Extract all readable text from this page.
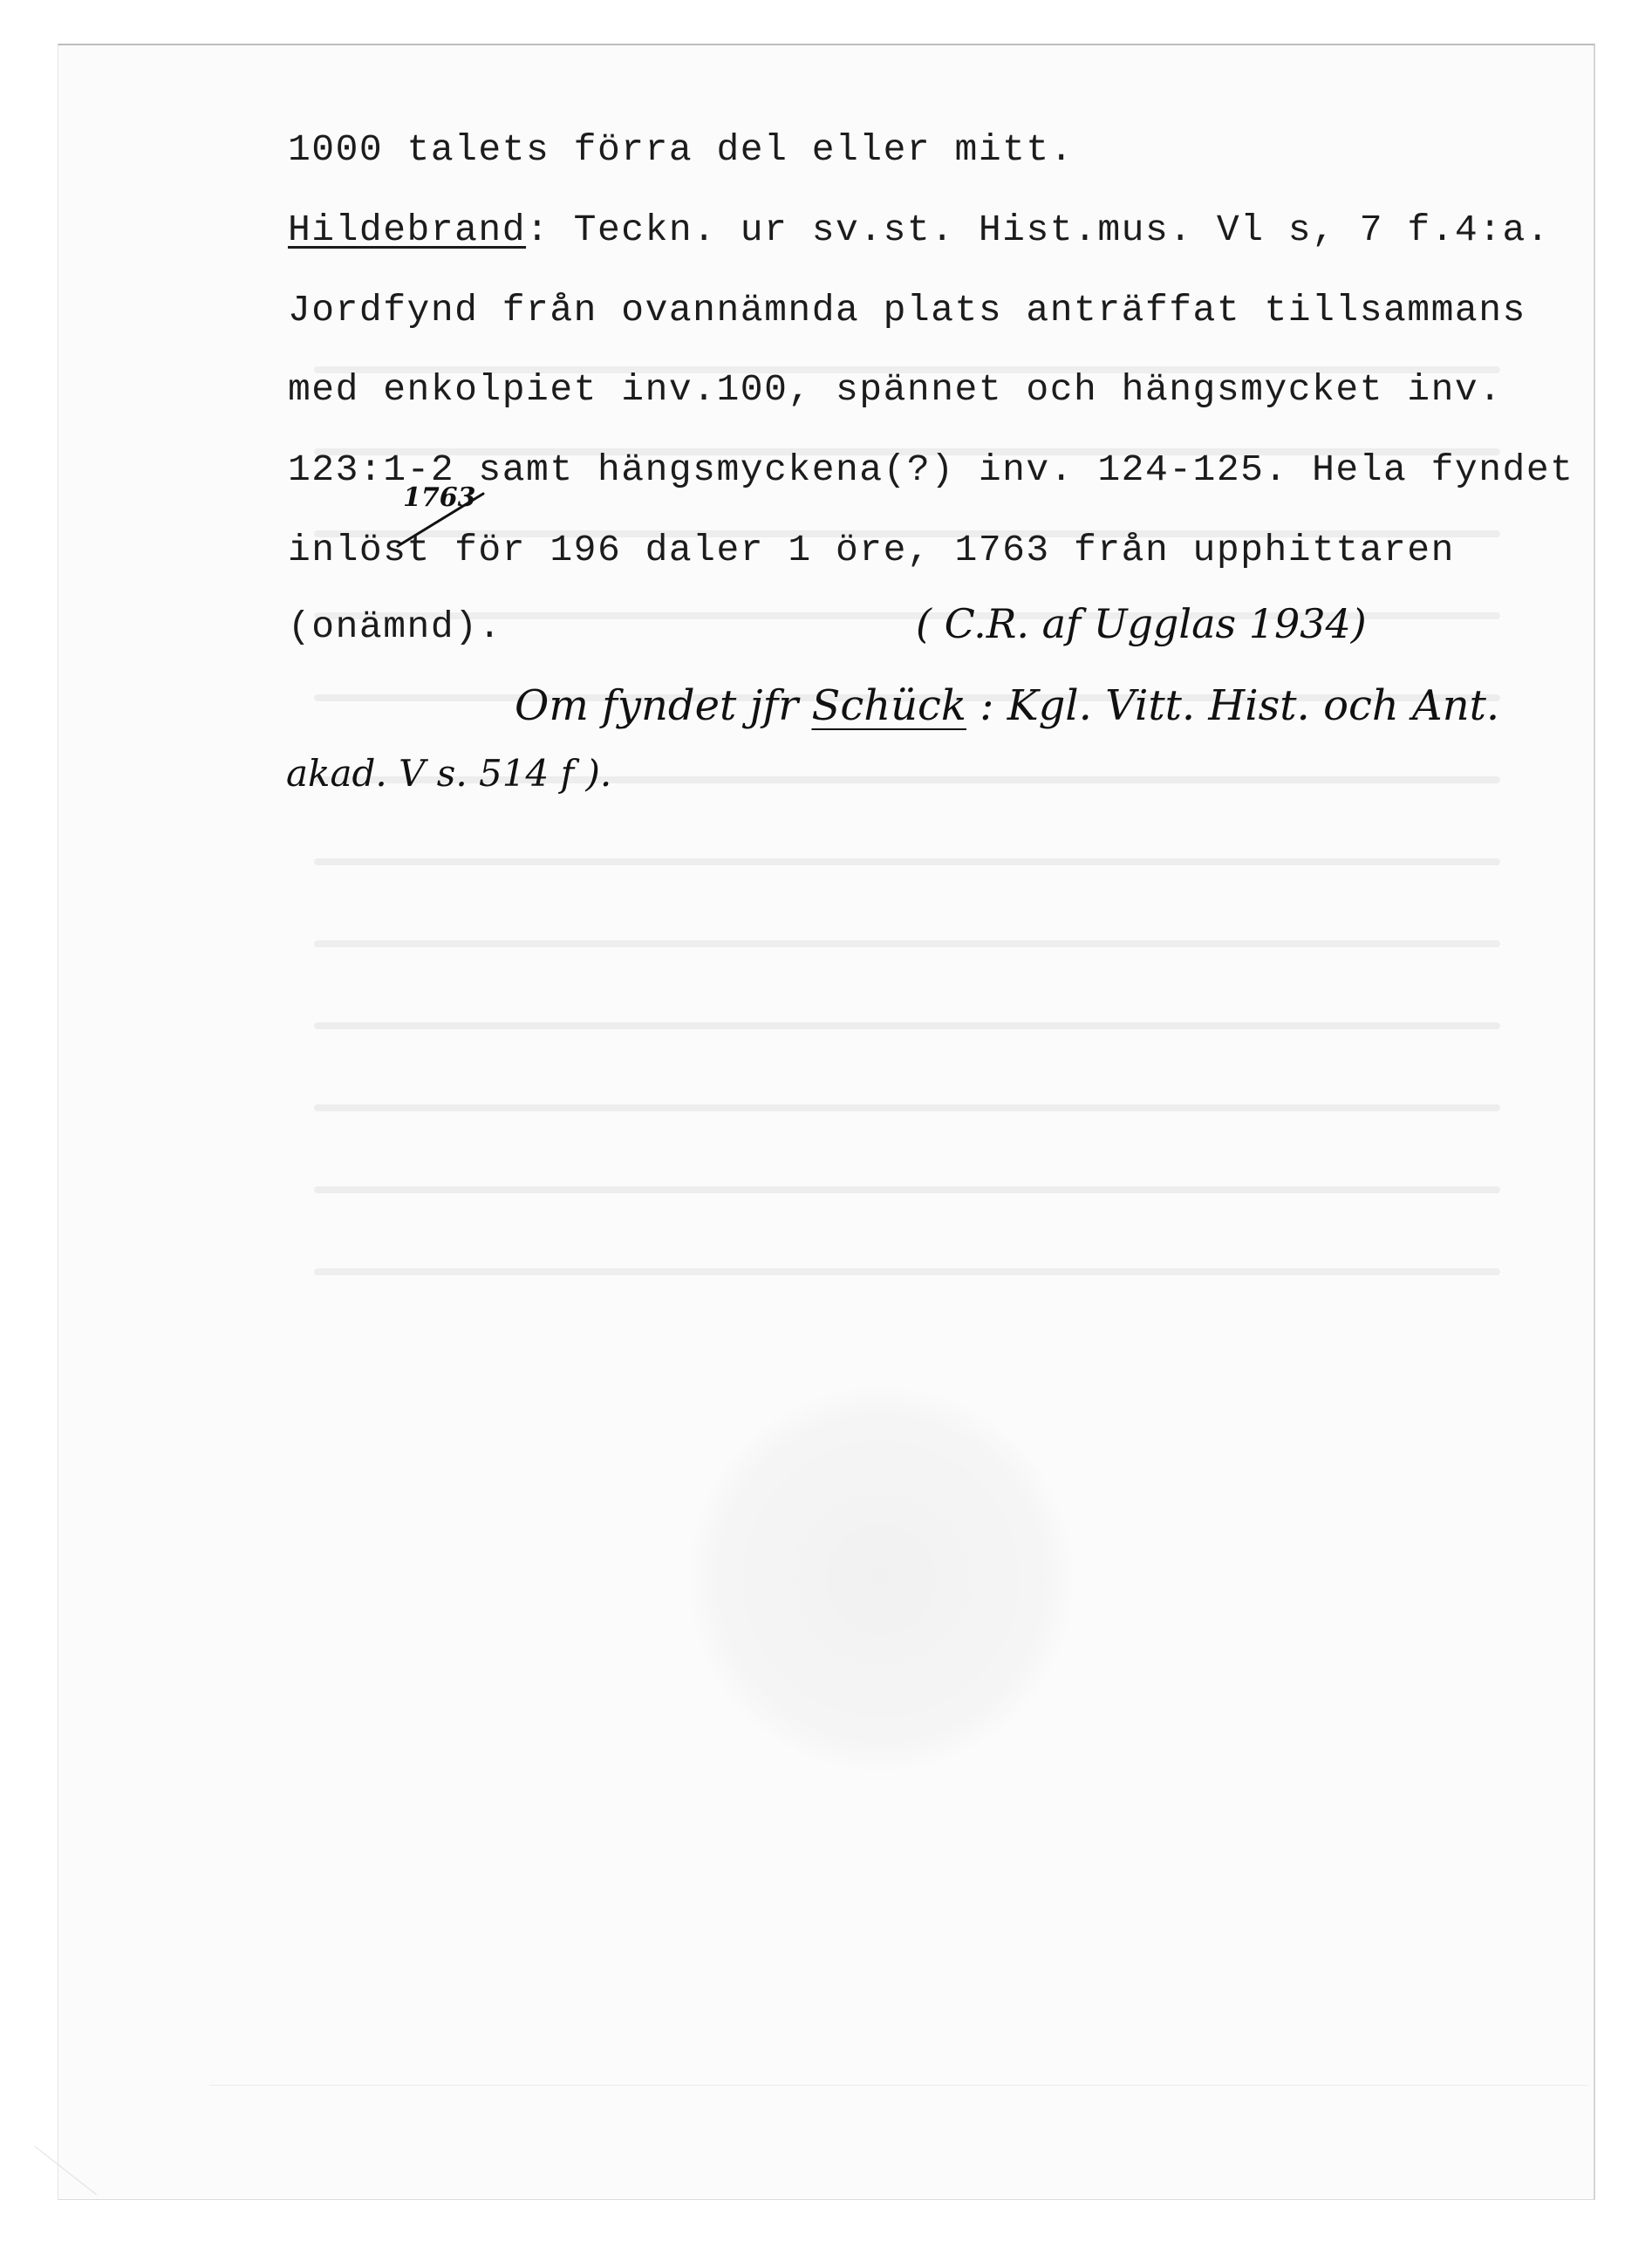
1000 talets förra del eller mitt.
Hildebrand: Teckn. ur sv.st. Hist.mus. Vl s, 7 f.4:a.
Jordfynd från ovannämnda plats anträffat tillsammans
med enkolpiet inv.100, spännet och hängsmycket inv.
123:1-2 samt hängsmyckena(?) inv. 124-125. Hela fyndet
inlöst för 196 daler 1 öre, 1763 från upphittaren
(onämnd).
1763
( C.R. af Ugglas 1934)
Om fyndet jfr Schück : Kgl. Vitt. Hist. och Ant.
akad. V s. 514 f ).
